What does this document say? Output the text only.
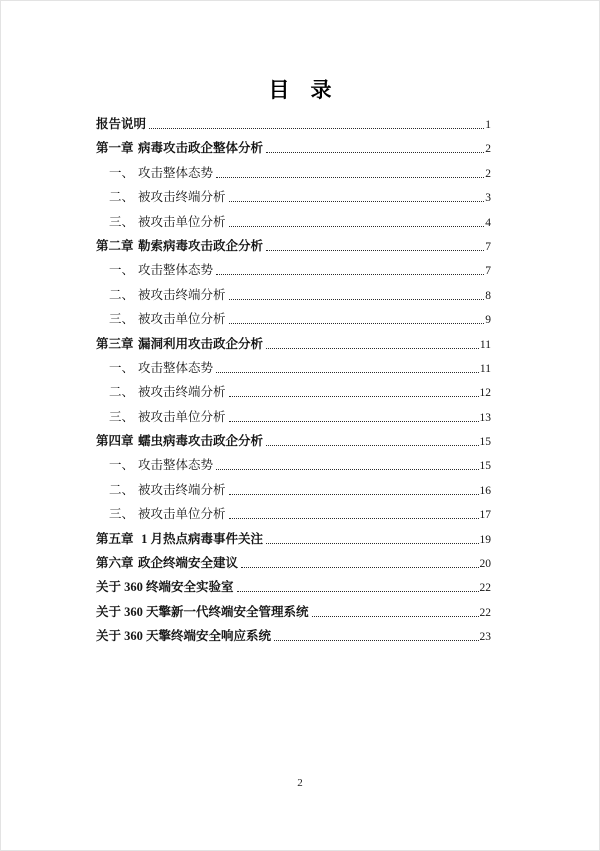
目　录
报告说明	1
第一章 病毒攻击政企整体分析	2
一、 攻击整体态势	2
二、 被攻击终端分析	3
三、 被攻击单位分析	4
第二章 勒索病毒攻击政企分析	7
一、 攻击整体态势	7
二、 被攻击终端分析	8
三、 被攻击单位分析	9
第三章 漏洞利用攻击政企分析	11
一、 攻击整体态势	11
二、 被攻击终端分析	12
三、 被攻击单位分析	13
第四章 蠕虫病毒攻击政企分析	15
一、 攻击整体态势	15
二、 被攻击终端分析	16
三、 被攻击单位分析	17
第五章 1 月热点病毒事件关注	19
第六章 政企终端安全建议	20
关于 360 终端安全实验室	22
关于 360 天擎新一代终端安全管理系统	22
关于 360 天擎终端安全响应系统	23
2
